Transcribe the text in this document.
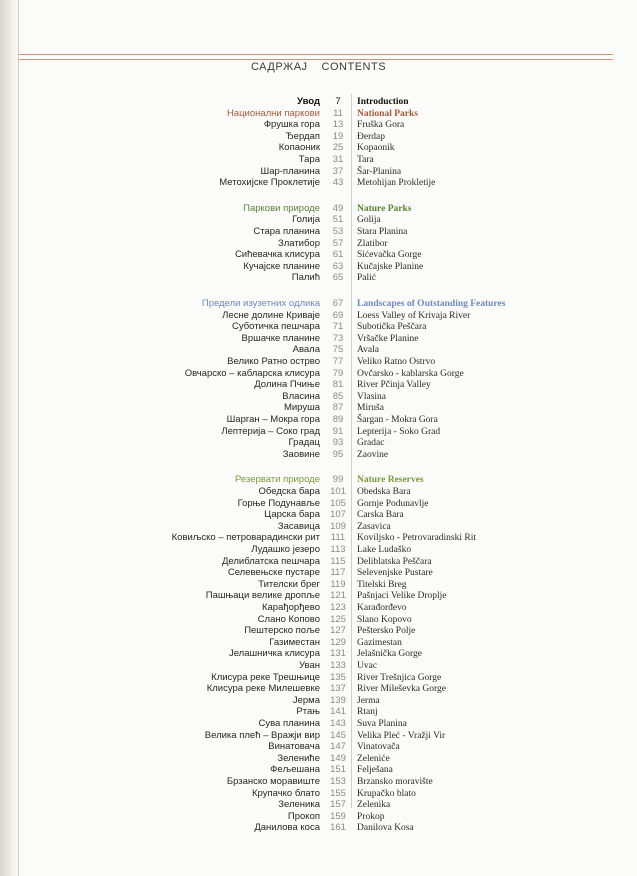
САДРЖАЈ CONTENTS
Увод	7	Introduction
Национални паркови	11	National Parks
Фрушка гора	13	Fruška Gora
Ђердап	19	Đerdap
Копаоник	25	Kopaonik
Тара	31	Tara
Шар-планина	37	Šar-Planina
Метохијске Проклетије	43	Metohijan Prokletije
Паркови природе	49	Nature Parks
Голија	51	Golija
Стара планина	53	Stara Planina
Златибор	57	Zlatibor
Сићевачка клисура	61	Sićevačka Gorge
Кучајске планине	63	Kučajske Planine
Палић	65	Palić
Предели изузетних одлика	67	Landscapes of Outstanding Features
Лесне долине Криваје	69	Loess Valley of Krivaja River
Суботичка пешчара	71	Subotička Peščara
Вршачке планине	73	Vršačke Planine
Авала	75	Avala
Велико Ратно острво	77	Veliko Ratno Ostrvo
Овчарско – кабларска клисура	79	Ovčarsko - kablarska Gorge
Долина Пчиње	81	River Pčinja Valley
Власина	85	Vlasina
Мируша	87	Miruša
Шарган – Мокра гора	89	Šargan - Mokra Gora
Лептерија – Соко град	91	Lepterija - Soko Grad
Градац	93	Gradac
Заовине	95	Zaovine
Резервати природе	99	Nature Reserves
Обедска бара	101	Obedska Bara
Горње Подунавље	105	Gornje Podunavlje
Царска бара	107	Carska Bara
Засавица	109	Zasavica
Ковиљско – петроварадински рит	111	Koviljsko - Petrovaradinski Rit
Лудашко језеро	113	Lake Ludaško
Делиблатска пешчара	115	Deliblatska Peščara
Селевењске пустаре	117	Selevenjske Pustare
Тителски брег	119	Titelski Breg
Пашњаци велике дропље	121	Pašnjaci Velike Droplje
Карађорђево	123	Karađorđevo
Слано Копово	125	Slano Kopovo
Пештерско поље	127	Peštersko Polje
Газиместан	129	Gazimestan
Јелашничка клисура	131	Jelašnička Gorge
Уван	133	Uvac
Клисура реке Трешњице	135	River Trešnjica Gorge
Клисура реке Милешевке	137	River Mileševka Gorge
Јерма	139	Jerma
Ртањ	141	Rtanj
Сува планина	143	Suva Planina
Велика плећ – Вражји вир	145	Velika Pleć - Vražji Vir
Винатовача	147	Vinatovača
Зелениће	149	Zeleniće
Фељешана	151	Felješana
Брзанско моравиште	153	Brzansko moravište
Крупачко блато	155	Krupačko blato
Зеленика	157	Zelenika
Прокоп	159	Prokop
Данилова коса	161	Danilova Kosa
